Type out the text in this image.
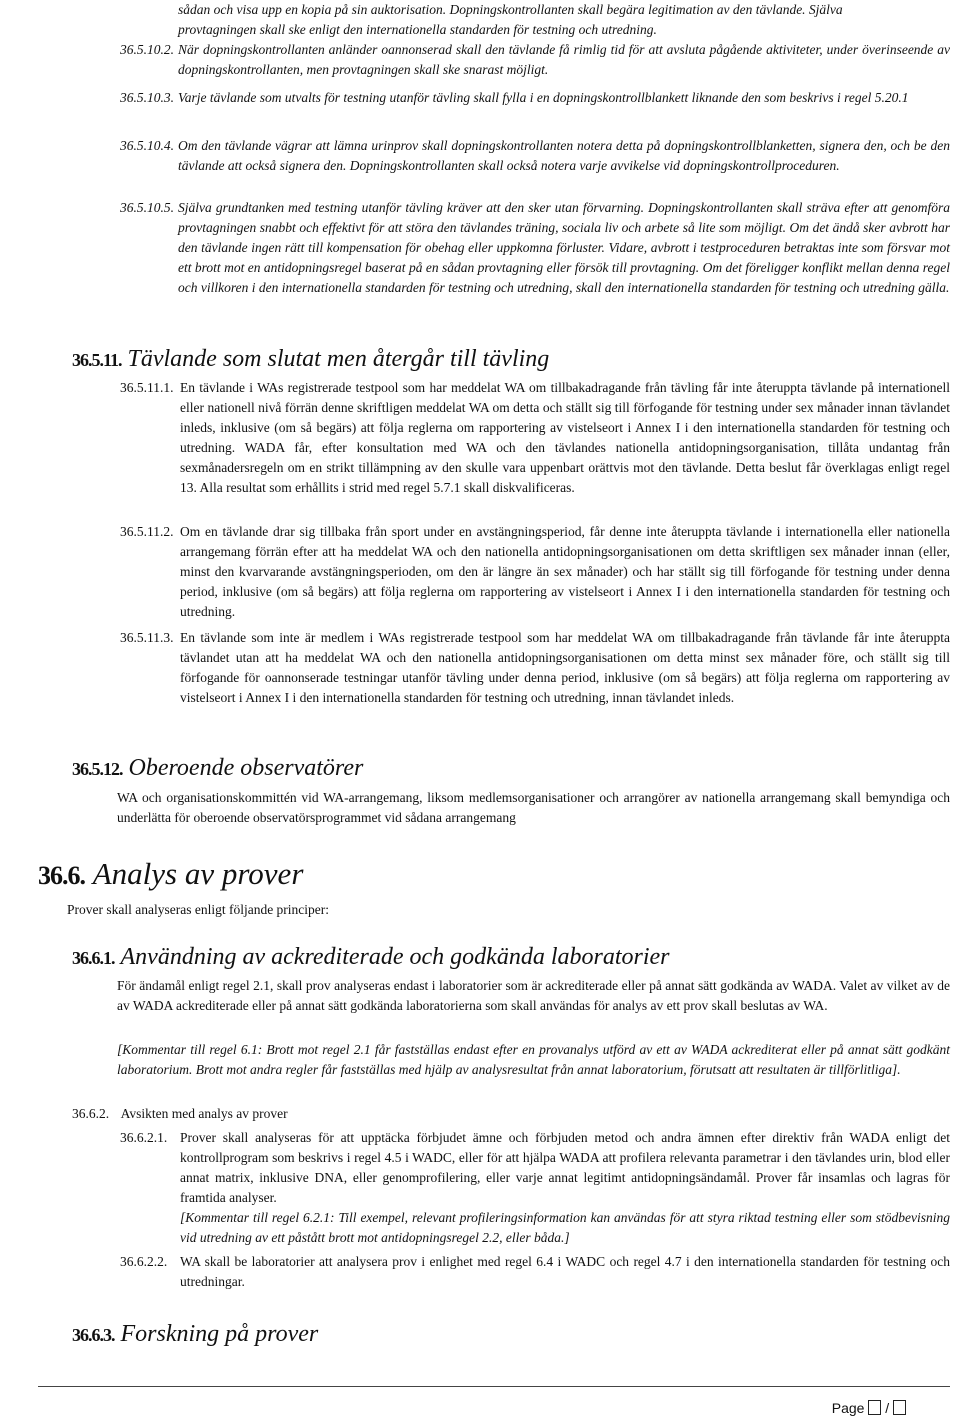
sådan och visa upp en kopia på sin auktorisation. Dopningskontrollanten skall begära legitimation av den tävlande. Själva

provtagningen skall ske enligt den internationella standarden för testning och utredning.

36.5.10.2. När dopningskontrollanten anländer oannonserad skall den tävlande få rimlig tid för att avsluta pågående aktiviteter, under överinseende av dopningskontrollanten, men provtagningen skall ske snarast möjligt.
36.5.10.3. Varje tävlande som utvalts för testning utanför tävling skall fylla i en dopningskontrollblankett liknande den som beskrivs i regel 5.20.1
36.5.10.4. Om den tävlande vägrar att lämna urinprov skall dopningskontrollanten notera detta på dopningskontrollblanketten, signera den, och be den tävlande att också signera den. Dopningskontrollanten skall också notera varje avvikelse vid dopningskontrollproceduren.
36.5.10.5. Själva grundtanken med testning utanför tävling kräver att den sker utan förvarning. Dopningskontrollanten skall sträva efter att genomföra provtagningen snabbt och effektivt för att störa den tävlandes träning, sociala liv och arbete så lite som möjligt. Om det ändå sker avbrott har den tävlande ingen rätt till kompensation för obehag eller uppkomna förluster. Vidare, avbrott i testproceduren betraktas inte som försvar mot ett brott mot en antidopningsregel baserat på en sådan provtagning eller försök till provtagning. Om det föreligger konflikt mellan denna regel och villkoren i den internationella standarden för testning och utredning, skall den internationella standarden för testning och utredning gälla.
36.5.11. Tävlande som slutat men återgår till tävling
36.5.11.1. En tävlande i WAs registrerade testpool som har meddelat WA om tillbakadragande från tävling får inte återuppta tävlande på internationell eller nationell nivå förrän denne skriftligen meddelat WA om detta och ställt sig till förfogande för testning under sex månader innan tävlandet inleds, inklusive (om så begärs) att följa reglerna om rapportering av vistelseort i Annex I i den internationella standarden för testning och utredning. WADA får, efter konsultation med WA och den tävlandes nationella antidopningsorganisation, tillåta undantag från sexmånadersregeln om en strikt tillämpning av den skulle vara uppenbart orättvis mot den tävlande. Detta beslut får överklagas enligt regel 13. Alla resultat som erhållits i strid med regel 5.7.1 skall diskvalificeras.
36.5.11.2. Om en tävlande drar sig tillbaka från sport under en avstängningsperiod, får denne inte återuppta tävlande i internationella eller nationella arrangemang förrän efter att ha meddelat WA och den nationella antidopningsorganisationen om detta skriftligen sex månader innan (eller, minst den kvarvarande avstängningsperioden, om den är längre än sex månader) och har ställt sig till förfogande för testning under denna period, inklusive (om så begärs) att följa reglerna om rapportering av vistelseort i Annex I i den internationella standarden för testning och utredning.
36.5.11.3. En tävlande som inte är medlem i WAs registrerade testpool som har meddelat WA om tillbakadragande från tävlande får inte återuppta tävlandet utan att ha meddelat WA och den nationella antidopningsorganisationen om detta minst sex månader före, och ställt sig till förfogande för oannonserade testningar utanför tävling under denna period, inklusive (om så begärs) att följa reglerna om rapportering av vistelseort i Annex I i den internationella standarden för testning och utredning, innan tävlandet inleds.
36.5.12. Oberoende observatörer
WA och organisationskommittén vid WA-arrangemang, liksom medlemsorganisationer och arrangörer av nationella arrangemang skall bemyndiga och underlätta för oberoende observatörsprogrammet vid sådana arrangemang
36.6. Analys av prover
Prover skall analyseras enligt följande principer:
36.6.1. Användning av ackrediterade och godkända laboratorier
För ändamål enligt regel 2.1, skall prov analyseras endast i laboratorier som är ackrediterade eller på annat sätt godkända av WADA. Valet av vilket av de av WADA ackrediterade eller på annat sätt godkända laboratorierna som skall användas för analys av ett prov skall beslutas av WA.
[Kommentar till regel 6.1: Brott mot regel 2.1 får fastställas endast efter en provanalys utförd av ett av WADA ackrediterat eller på annat sätt godkänt laboratorium. Brott mot andra regler får fastställas med hjälp av analysresultat från annat laboratorium, förutsatt att resultaten är tillförlitliga].
36.6.2. Avsikten med analys av prover
36.6.2.1. Prover skall analyseras för att upptäcka förbjudet ämne och förbjuden metod och andra ämnen efter direktiv från WADA enligt det kontrollprogram som beskrivs i regel 4.5 i WADC, eller för att hjälpa WADA att profilera relevanta parametrar i den tävlandes urin, blod eller annat matrix, inklusive DNA, eller genomprofilering, eller varje annat legitimt antidopningsändamål. Prover får insamlas och lagras för framtida analyser.
[Kommentar till regel 6.2.1: Till exempel, relevant profileringsinformation kan användas för att styra riktad testning eller som stödbevisning vid utredning av ett påstått brott mot antidopningsregel 2.2, eller båda.]
36.6.2.2. WA skall be laboratorier att analysera prov i enlighet med regel 6.4 i WADC och regel 4.7 i den internationella standarden för testning och utredningar.
36.6.3. Forskning på prover
Page /
